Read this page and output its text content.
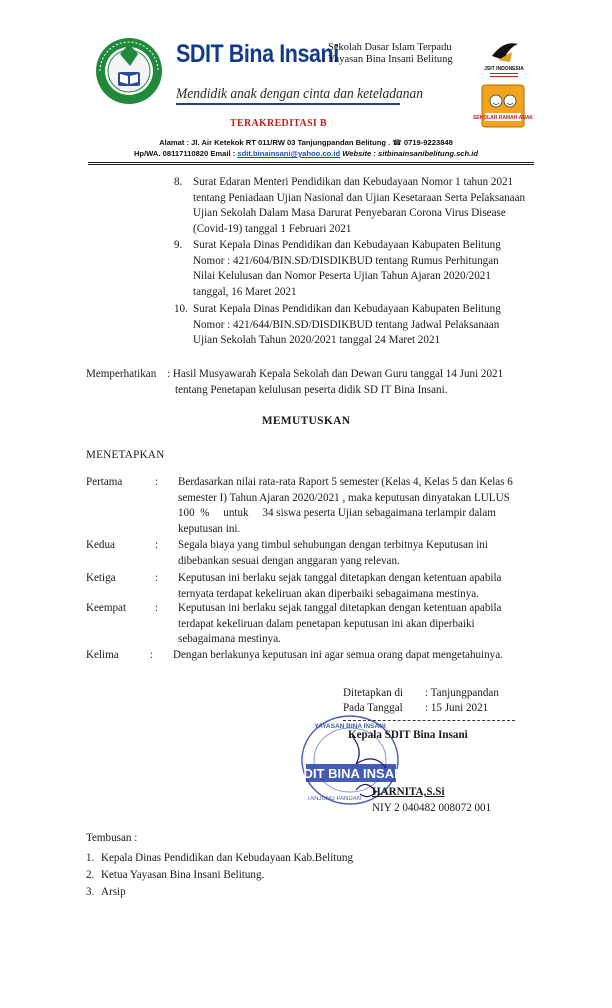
SDIT Bina Insani
Sekolah Dasar Islam Terpadu
Yayasan Bina Insani Belitung
Mendidik anak dengan cinta dan keteladanan
TERAKREDITASI B
JSIT INDONESIA
SEKOLAH RAMAH ANAK
Alamat : Jl. Air Ketekok RT 011/RW 03 Tanjungpandan Belitung . ☎ 0719-9223848
Hp/WA. 08117110820 Email : sdit.binainsani@yahoo.co.id Website : sitbinainsanibelitung.sch.id
8. Surat Edaran Menteri Pendidikan dan Kebudayaan Nomor 1 tahun 2021
tentang Peniadaan Ujian Nasional dan Ujian Kesetaraan Serta Pelaksanaan
Ujian Sekolah Dalam Masa Darurat Penyebaran Corona Virus Disease
(Covid-19) tanggal 1 Februari 2021
9. Surat Kepala Dinas Pendidikan dan Kebudayaan Kabupaten Belitung
Nomor : 421/604/BIN.SD/DISDIKBUD tentang Rumus Perhitungan
Nilai Kelulusan dan Nomor Peserta Ujian Tahun Ajaran 2020/2021
tanggal, 16 Maret 2021
10. Surat Kepala Dinas Pendidikan dan Kebudayaan Kabupaten Belitung
Nomor : 421/644/BIN.SD/DISDIKBUD tentang Jadwal Pelaksanaan
Ujian Sekolah Tahun 2020/2021 tanggal 24 Maret 2021
Memperhatikan : Hasil Musyawarah Kepala Sekolah dan Dewan Guru tanggal 14 Juni 2021
tentang Penetapan kelulusan peserta didik SD IT Bina Insani.
MEMUTUSKAN
MENETAPKAN
Pertama	: Berdasarkan nilai rata-rata Raport 5 semester (Kelas 4, Kelas 5 dan Kelas 6
semester I) Tahun Ajaran 2020/2021 , maka keputusan dinyatakan LULUS
100  %     untuk     34 siswa peserta Ujian sebagaimana terlampir dalam
keputusan ini.
Kedua	: Segala biaya yang timbul sehubungan dengan terbitnya Keputusan ini
dibebankan sesuai dengan anggaran yang relevan.
Ketiga	: Keputusan ini berlaku sejak tanggal ditetapkan dengan ketentuan apabila
ternyata terdapat kekeliruan akan diperbaiki sebagaimana mestinya.
Keempat	: Keputusan ini berlaku sejak tanggal ditetapkan dengan ketentuan apabila
terdapat kekeliruan dalam penetapan keputusan ini akan diperbaiki
sebagaimana mestinya.
Kelima	: Dengan berlakunya keputusan ini agar semua orang dapat mengetahuinya.
Ditetapkan di : Tanjungpandan
Pada Tanggal : 15 Juni 2021
YAYASAN BINA INSANI
SDIT BINA INSANI
TANJUNG PANDAN
Kepala SDIT Bina Insani
HARNITA,S.Si
NIY 2 040482 008072 001
Tembusan :
1. Kepala Dinas Pendidikan dan Kebudayaan Kab.Belitung
2. Ketua Yayasan Bina Insani Belitung.
3. Arsip
